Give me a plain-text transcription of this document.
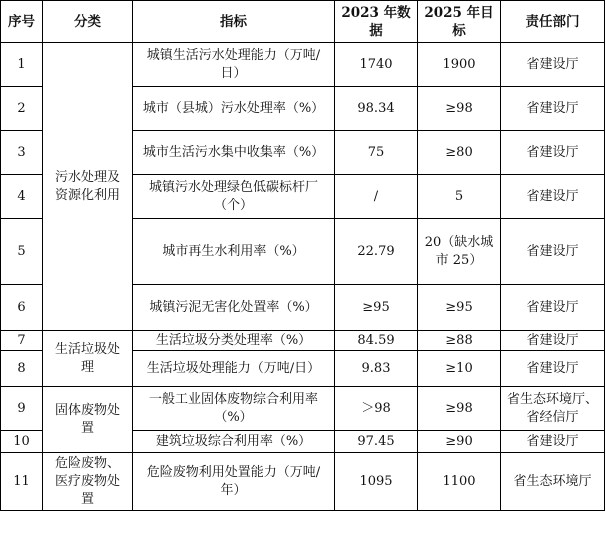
序号	分类	指标	2023 年数据	2025 年目标	责任部门
1	污水处理及资源化利用	城镇生活污水处理能力（万吨/日）	1740	1900	省建设厅
2		城市（县城）污水处理率（%）	98.34	≥98	省建设厅
3		城市生活污水集中收集率（%）	75	≥80	省建设厅
4		城镇污水处理绿色低碳标杆厂（个）	/	5	省建设厅
5		城市再生水利用率（%）	22.79	20（缺水城市 25）	省建设厅
6		城镇污泥无害化处置率（%）	≥95	≥95	省建设厅
7	生活垃圾处理	生活垃圾分类处理率（%）	84.59	≥88	省建设厅
8		生活垃圾处理能力（万吨/日）	9.83	≥10	省建设厅
9	固体废物处置	一般工业固体废物综合利用率（%）	＞98	≥98	省生态环境厅、省经信厅
10		建筑垃圾综合利用率（%）	97.45	≥90	省建设厅
11	危险废物、医疗废物处置	危险废物利用处置能力（万吨/年）	1095	1100	省生态环境厅
